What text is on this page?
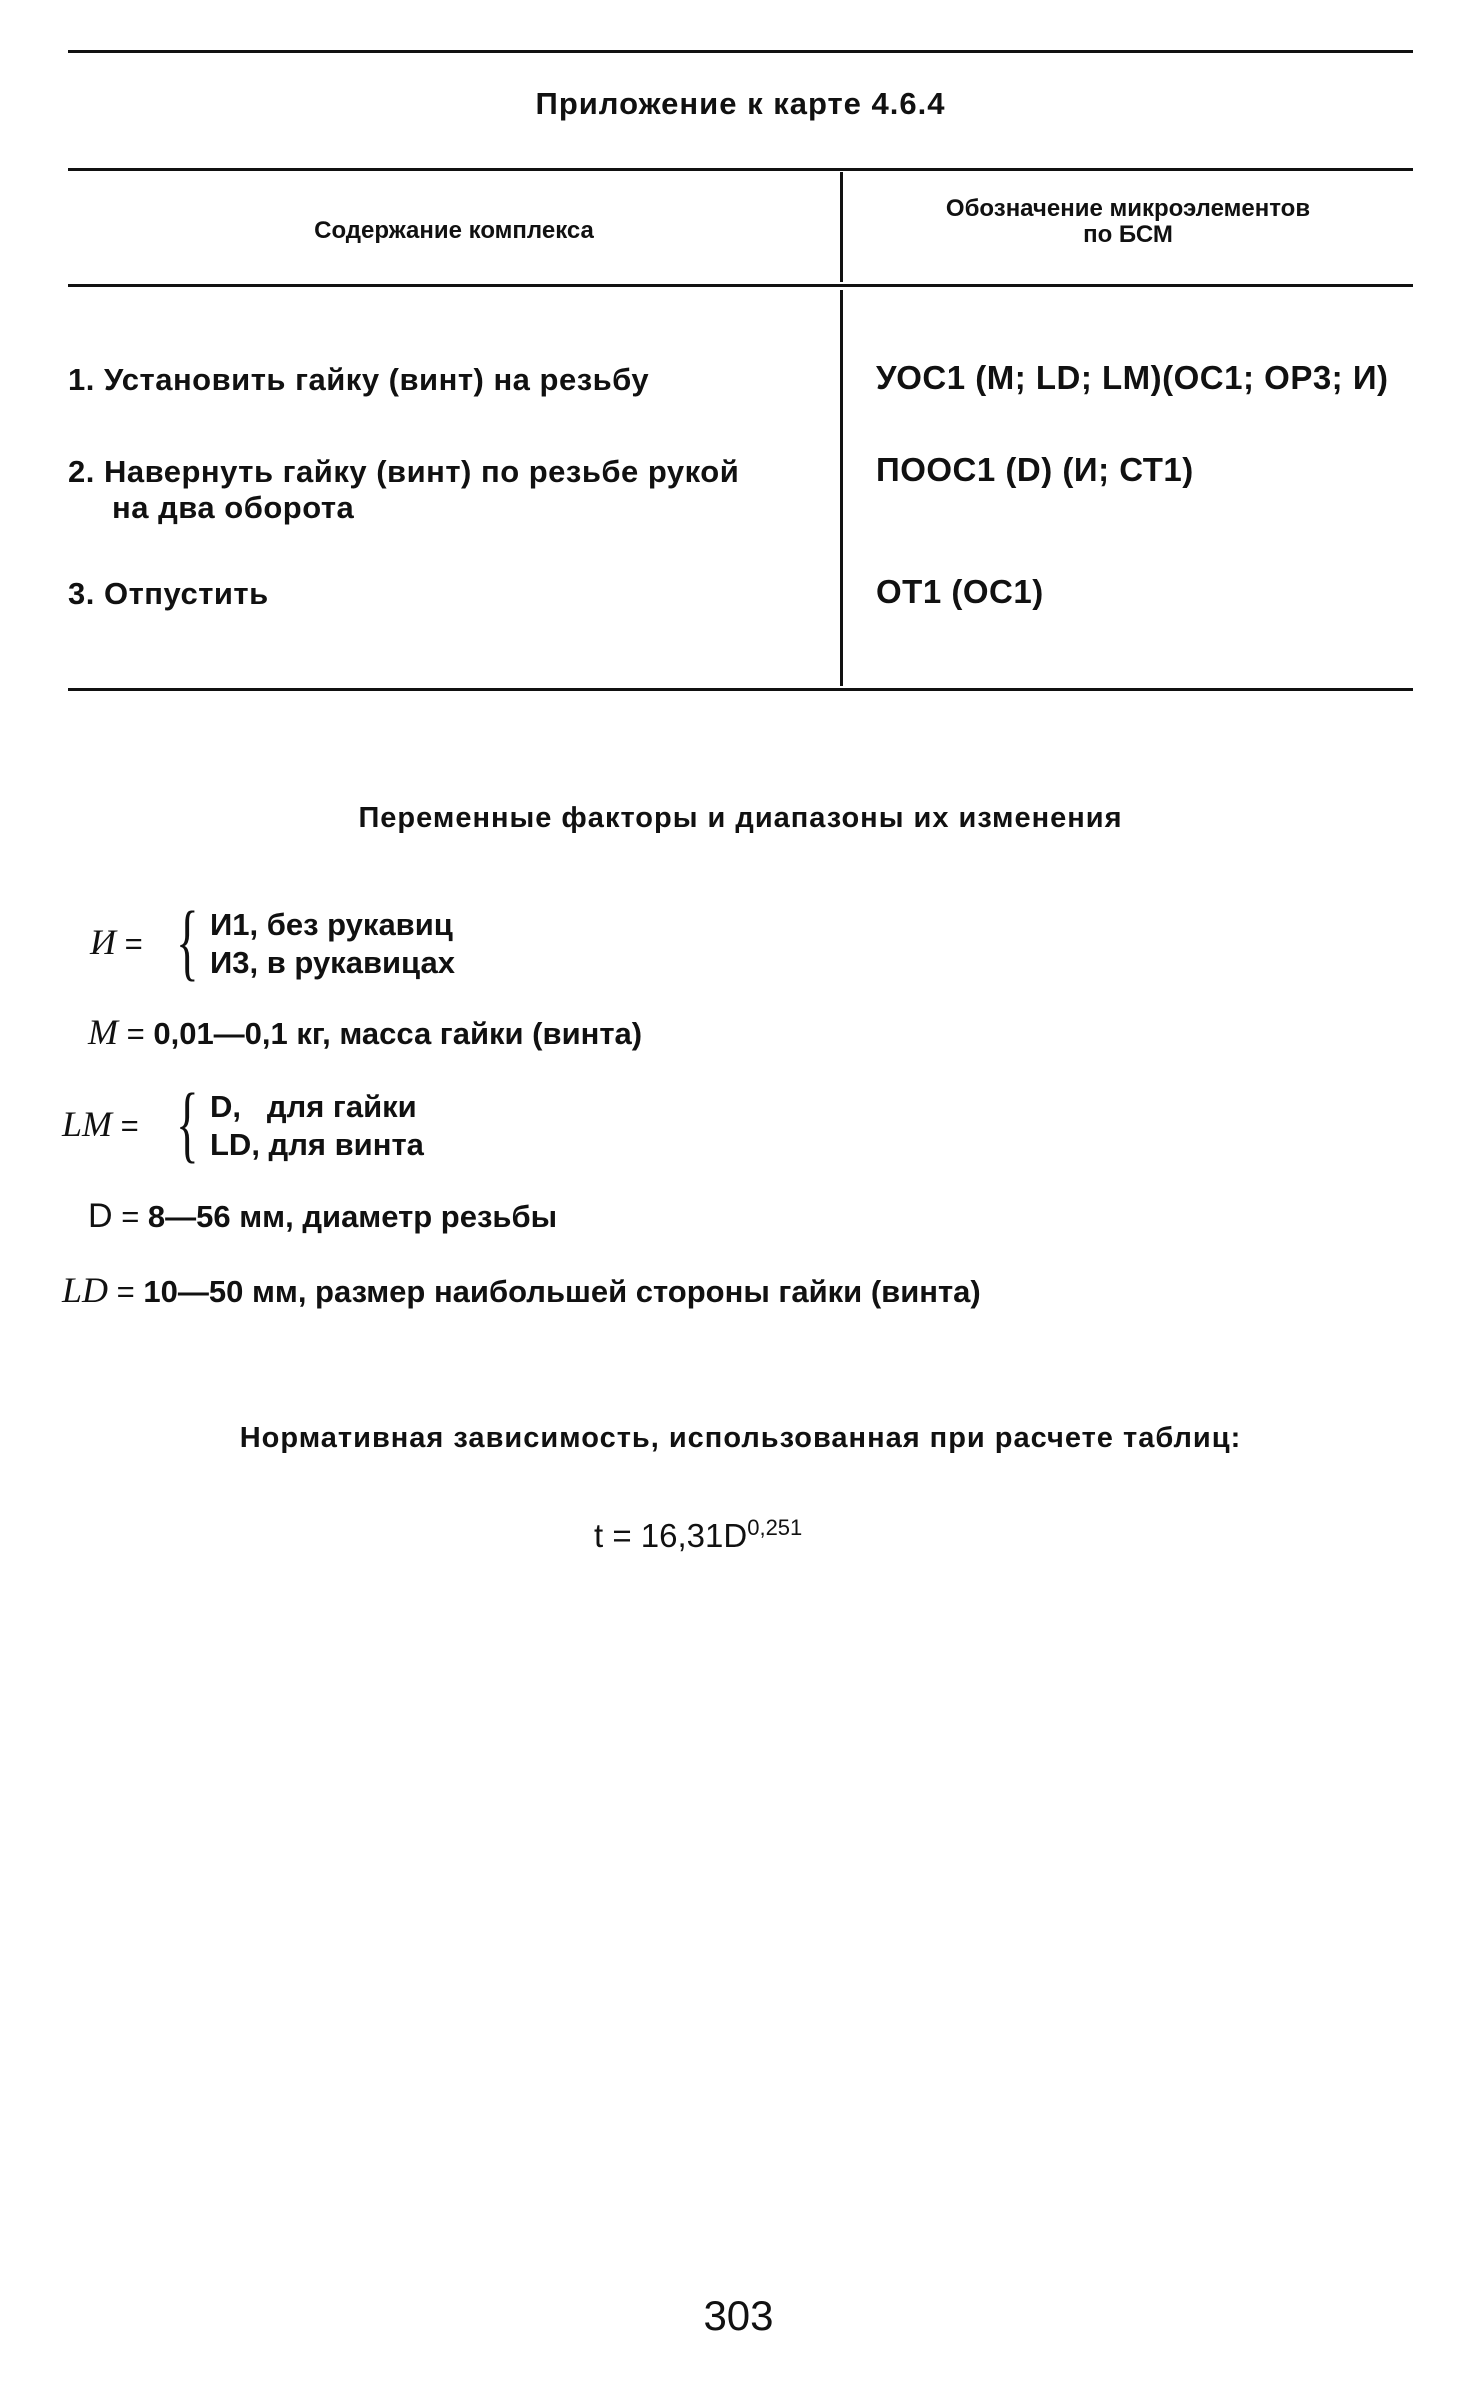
Приложение к карте 4.6.4
Содержание комплекса
Обозначение микроэлементов
по БСМ
1. Установить гайку (винт) на резьбу	УОС1 (М; LD; LM)(ОС1; ОР3; И)
2. Навернуть гайку (винт) по резьбе рукой
на два оборота
ПООС1 (D) (И; СТ1)
3. Отпустить	ОТ1 (ОС1)
Переменные факторы и диапазоны их изменения
И = { И1, без рукавиц
И3, в рукавицах
M = 0,01—0,1 кг, масса гайки (винта)
LM = { D,   для гайки
LD, для винта
D = 8—56 мм, диаметр резьбы
LD = 10—50 мм, размер наибольшей стороны гайки (винта)
Нормативная зависимость, использованная при расчете таблиц:
$t = 16,31D^{0,251}$
303
